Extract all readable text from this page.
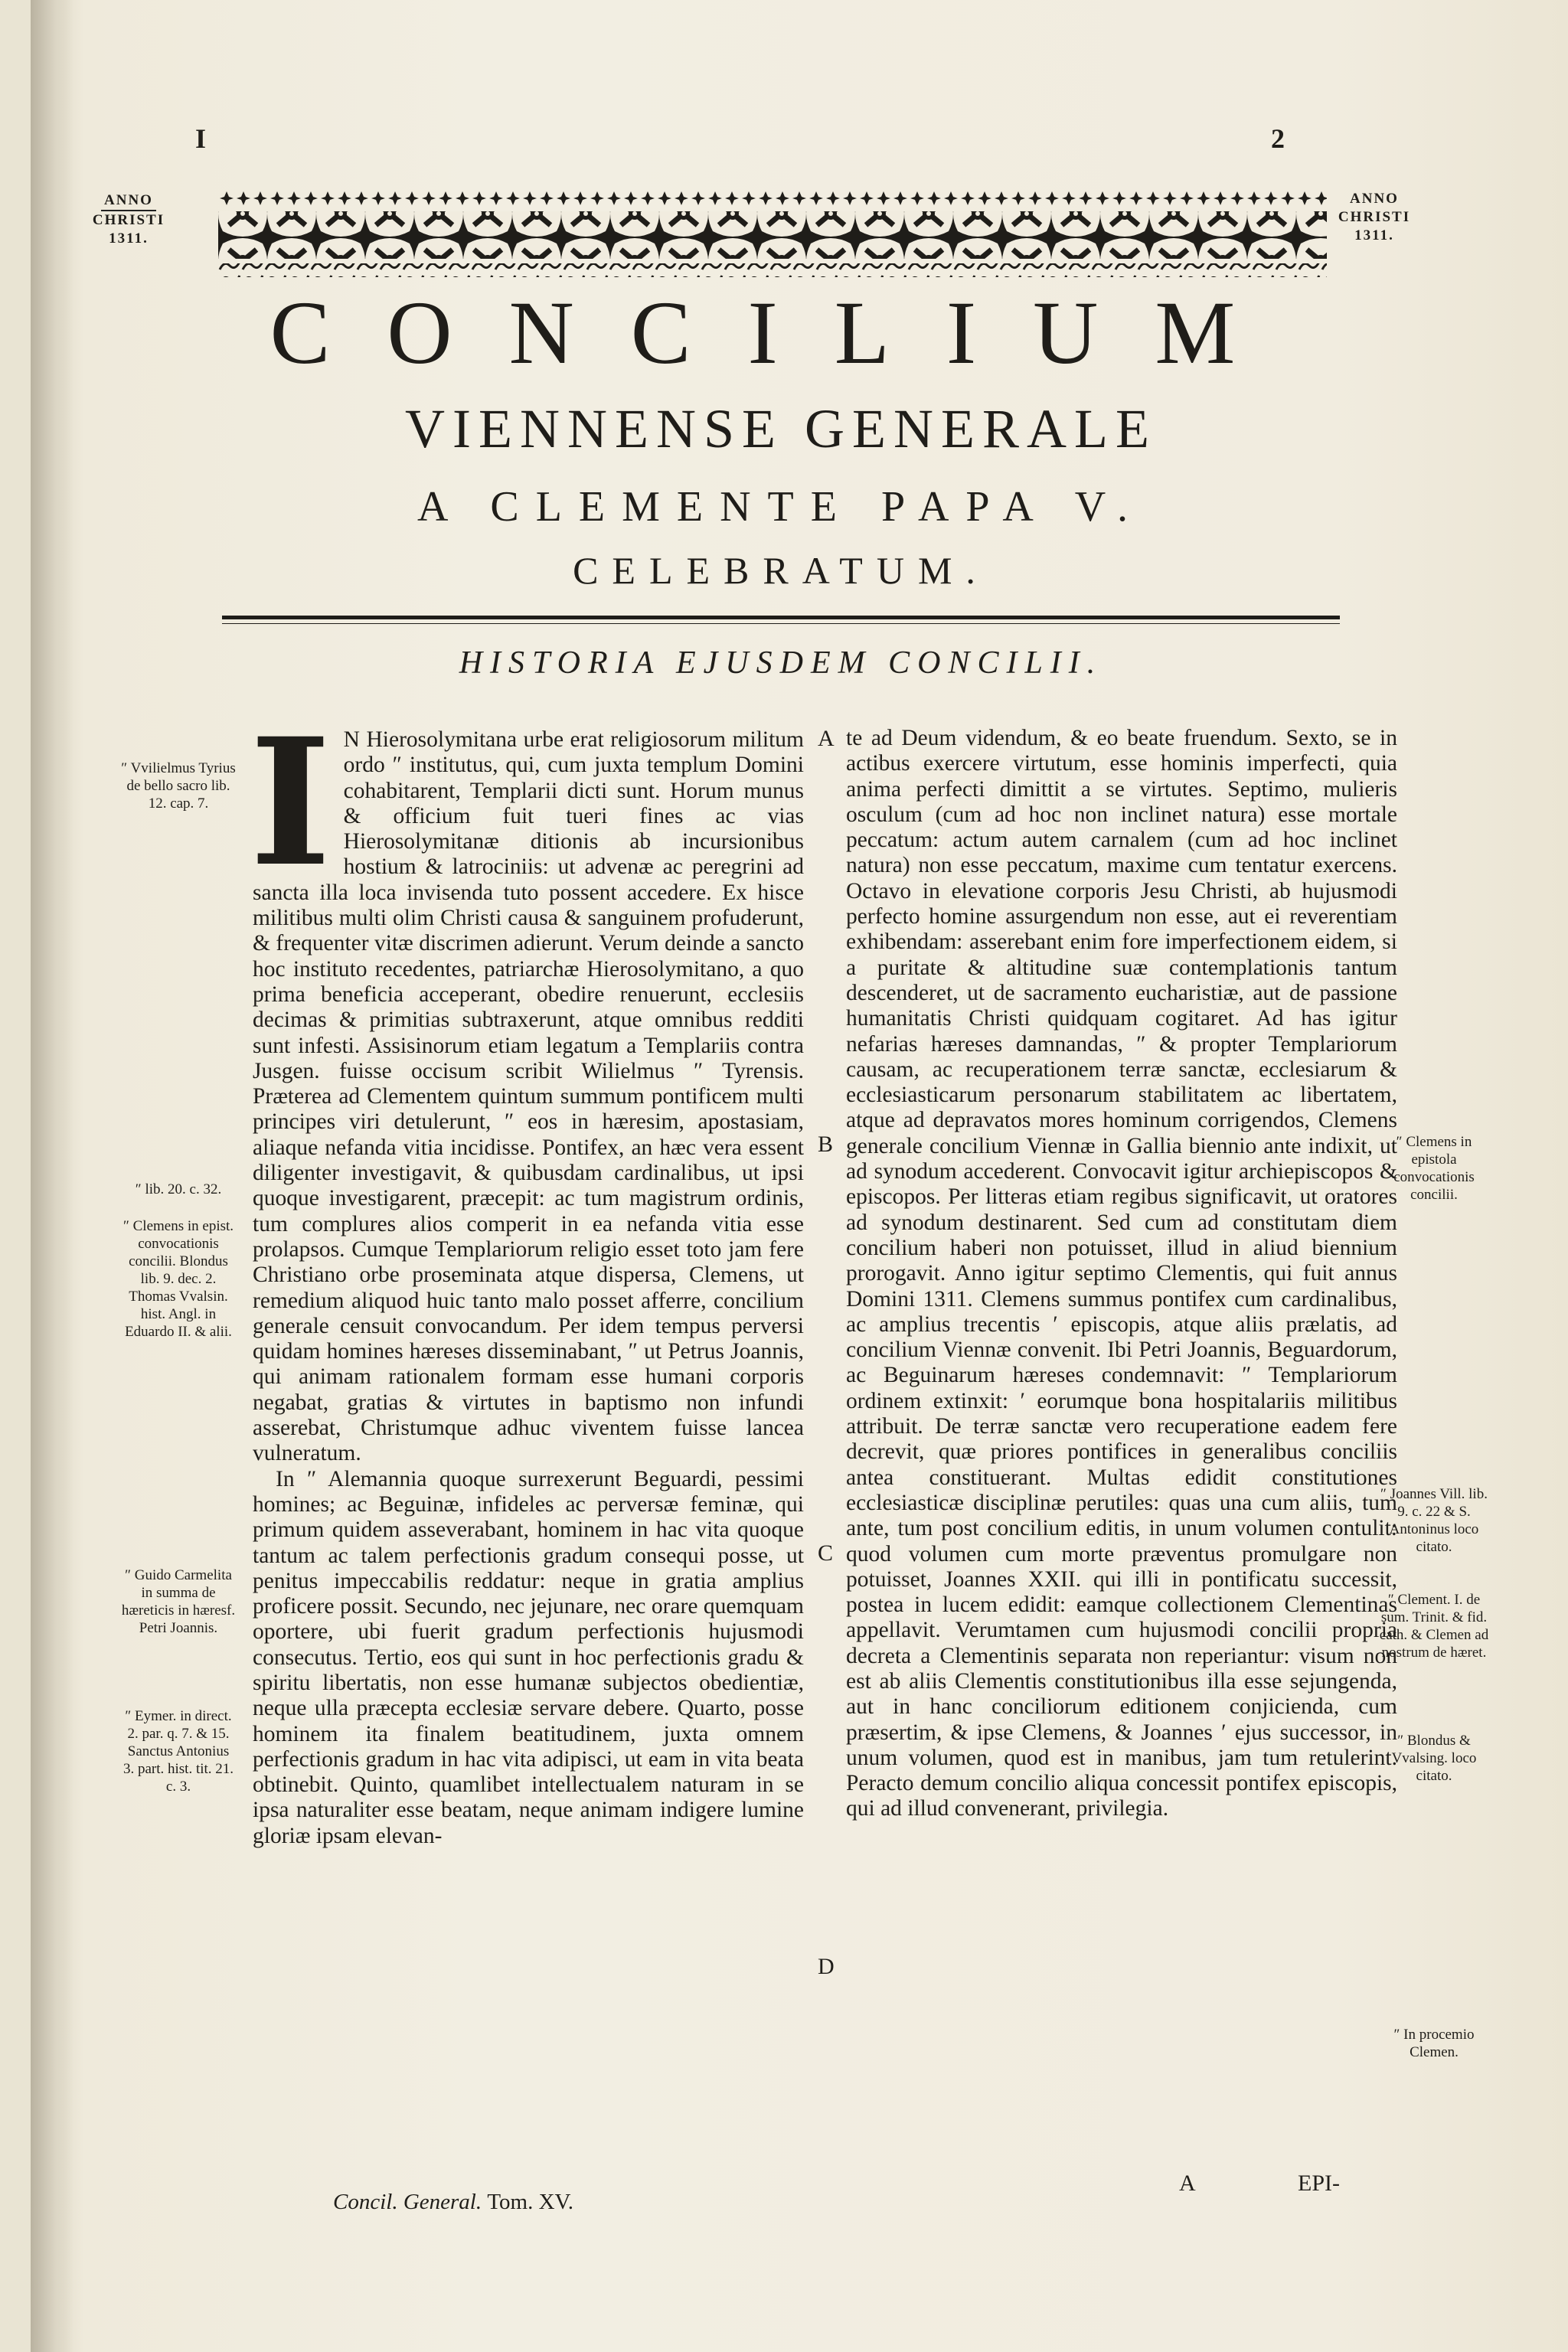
I	2
ANNO
CHRISTI
1311.
ANNO
CHRISTI
1311.
CONCILIUM
VIENNENSE GENERALE
A CLEMENTE PAPA V.
CELEBRATUM.
HISTORIA EJUSDEM CONCILII.
I N Hierosolymitana urbe erat religiosorum militum ordo ″ institutus, qui, cum juxta templum Domini cohabitarent, Templarii dicti sunt. Horum munus & officium fuit tueri fines ac vias Hierosolymitanæ ditionis ab incursionibus hostium & latrociniis: ut advenæ ac peregrini ad sancta illa loca invisenda tuto possent accedere. Ex hisce militibus multi olim Christi causa & sanguinem profuderunt, & frequenter vitæ discrimen adierunt. Verum deinde a sancto hoc instituto recedentes, patriarchæ Hierosolymitano, a quo prima beneficia acceperant, obedire renuerunt, ecclesiis decimas & primitias subtraxerunt, atque omnibus redditi sunt infesti. Assisinorum etiam legatum a Templariis contra Jusgen. fuisse occisum scribit Wilielmus ″ Tyrensis. Præterea ad Clementem quintum summum pontificem multi principes viri detulerunt, ″ eos in hæresim, apostasiam, aliaque nefanda vitia incidisse. Pontifex, an hæc vera essent diligenter investigavit, & quibusdam cardinalibus, ut ipsi quoque investigarent, præcepit: ac tum magistrum ordinis, tum complures alios comperit in ea nefanda vitia esse prolapsos. Cumque Templariorum religio esset toto jam fere Christiano orbe proseminata atque dispersa, Clemens, ut remedium aliquod huic tanto malo posset afferre, concilium generale censuit convocandum. Per idem tempus perversi quidam homines hæreses disseminabant, ″ ut Petrus Joannis, qui animam rationalem formam esse humani corporis negabat, gratias & virtutes in baptismo non infundi asserebat, Christumque adhuc viventem fuisse lancea vulneratum.

In ″ Alemannia quoque surrexerunt Beguardi, pessimi homines; ac Beguinæ, infideles ac perversæ feminæ, qui primum quidem asseverabant, hominem in hac vita quoque tantum ac talem perfectionis gradum consequi posse, ut penitus impeccabilis reddatur: neque in gratia amplius proficere possit. Secundo, nec jejunare, nec orare quemquam oportere, ubi fuerit gradum perfectionis hujusmodi consecutus. Tertio, eos qui sunt in hoc perfectionis gradu & spiritu libertatis, non esse humanæ subjectos obedientiæ, neque ulla præcepta ecclesiæ servare debere. Quarto, posse hominem ita finalem beatitudinem, juxta omnem perfectionis gradum in hac vita adipisci, ut eam in vita beata obtinebit. Quinto, quamlibet intellectualem naturam in se ipsa naturaliter esse beatam, neque animam indigere lumine gloriæ ipsam elevan-

te ad Deum videndum, & eo beate fruendum. Sexto, se in actibus exercere virtutum, esse hominis imperfecti, quia anima perfecti dimittit a se virtutes. Septimo, mulieris osculum (cum ad hoc non inclinet natura) esse mortale peccatum: actum autem carnalem (cum ad hoc inclinet natura) non esse peccatum, maxime cum tentatur exercens. Octavo in elevatione corporis Jesu Christi, ab hujusmodi perfecto homine assurgendum non esse, aut ei reverentiam exhibendam: asserebant enim fore imperfectionem eidem, si a puritate & altitudine suæ contemplationis tantum descenderet, ut de sacramento eucharistiæ, aut de passione humanitatis Christi quidquam cogitaret. Ad has igitur nefarias hæreses damnandas, ″ & propter Templariorum causam, ac recuperationem terræ sanctæ, ecclesiarum & ecclesiasticarum personarum stabilitatem ac libertatem, atque ad depravatos mores hominum corrigendos, Clemens generale concilium Viennæ in Gallia biennio ante indixit, ut ad synodum accederent. Convocavit igitur archiepiscopos & episcopos. Per litteras etiam regibus significavit, ut oratores ad synodum destinarent. Sed cum ad constitutam diem concilium haberi non potuisset, illud in aliud biennium prorogavit. Anno igitur septimo Clementis, qui fuit annus Domini 1311. Clemens summus pontifex cum cardinalibus, ac amplius trecentis ′ episcopis, atque aliis prælatis, ad concilium Viennæ convenit. Ibi Petri Joannis, Beguardorum, ac Beguinarum hæreses condemnavit: ″ Templariorum ordinem extinxit: ′ eorumque bona hospitalariis militibus attribuit. De terræ sanctæ vero recuperatione eadem fere decrevit, quæ priores pontifices in generalibus conciliis antea constituerant. Multas edidit constitutiones ecclesiasticæ disciplinæ perutiles: quas una cum aliis, tum ante, tum post concilium editis, in unum volumen contulit: quod volumen cum morte præventus promulgare non potuisset, Joannes XXII. qui illi in pontificatu successit, postea in lucem edidit: eamque collectionem Clementinas appellavit. Verumtamen cum hujusmodi concilii propria decreta a Clementinis separata non reperiantur: visum non est ab aliis Clementis constitutionibus illa esse sejungenda, aut in hanc conciliorum editionem conjicienda, cum præsertim, & ipse Clemens, & Joannes ′ ejus successor, in unum volumen, quod est in manibus, jam tum retulerint. Peracto demum concilio aliqua concessit pontifex episcopis, qui ad illud convenerant, privilegia.

″ Vvilielmus Tyrius de bello sacro lib. 12. cap. 7.
″ lib. 20. c. 32.
″ Clemens in epist. convocationis concilii. Blondus lib. 9. dec. 2. Thomas Vvalsin. hist. Angl. in Eduardo II. & alii.
″ Guido Carmelita in summa de hæreticis in hæresf. Petri Joannis.
″ Eymer. in direct. 2. par. q. 7. & 15. Sanctus Antonius 3. part. hist. tit. 21. c. 3.
″ Clemens in epistola convocationis concilii.
″ Joannes Vill. lib. 9. c. 22 & S. Antoninus loco citato.
″ Clement. I. de sum. Trinit. & fid. cath. & Clemen ad nostrum de hæret.
″ Blondus & Vvalsing. loco citato.
″ In procemio Clemen.
A
B
C
D
Concil. General. Tom. XV.
A	EPI-
